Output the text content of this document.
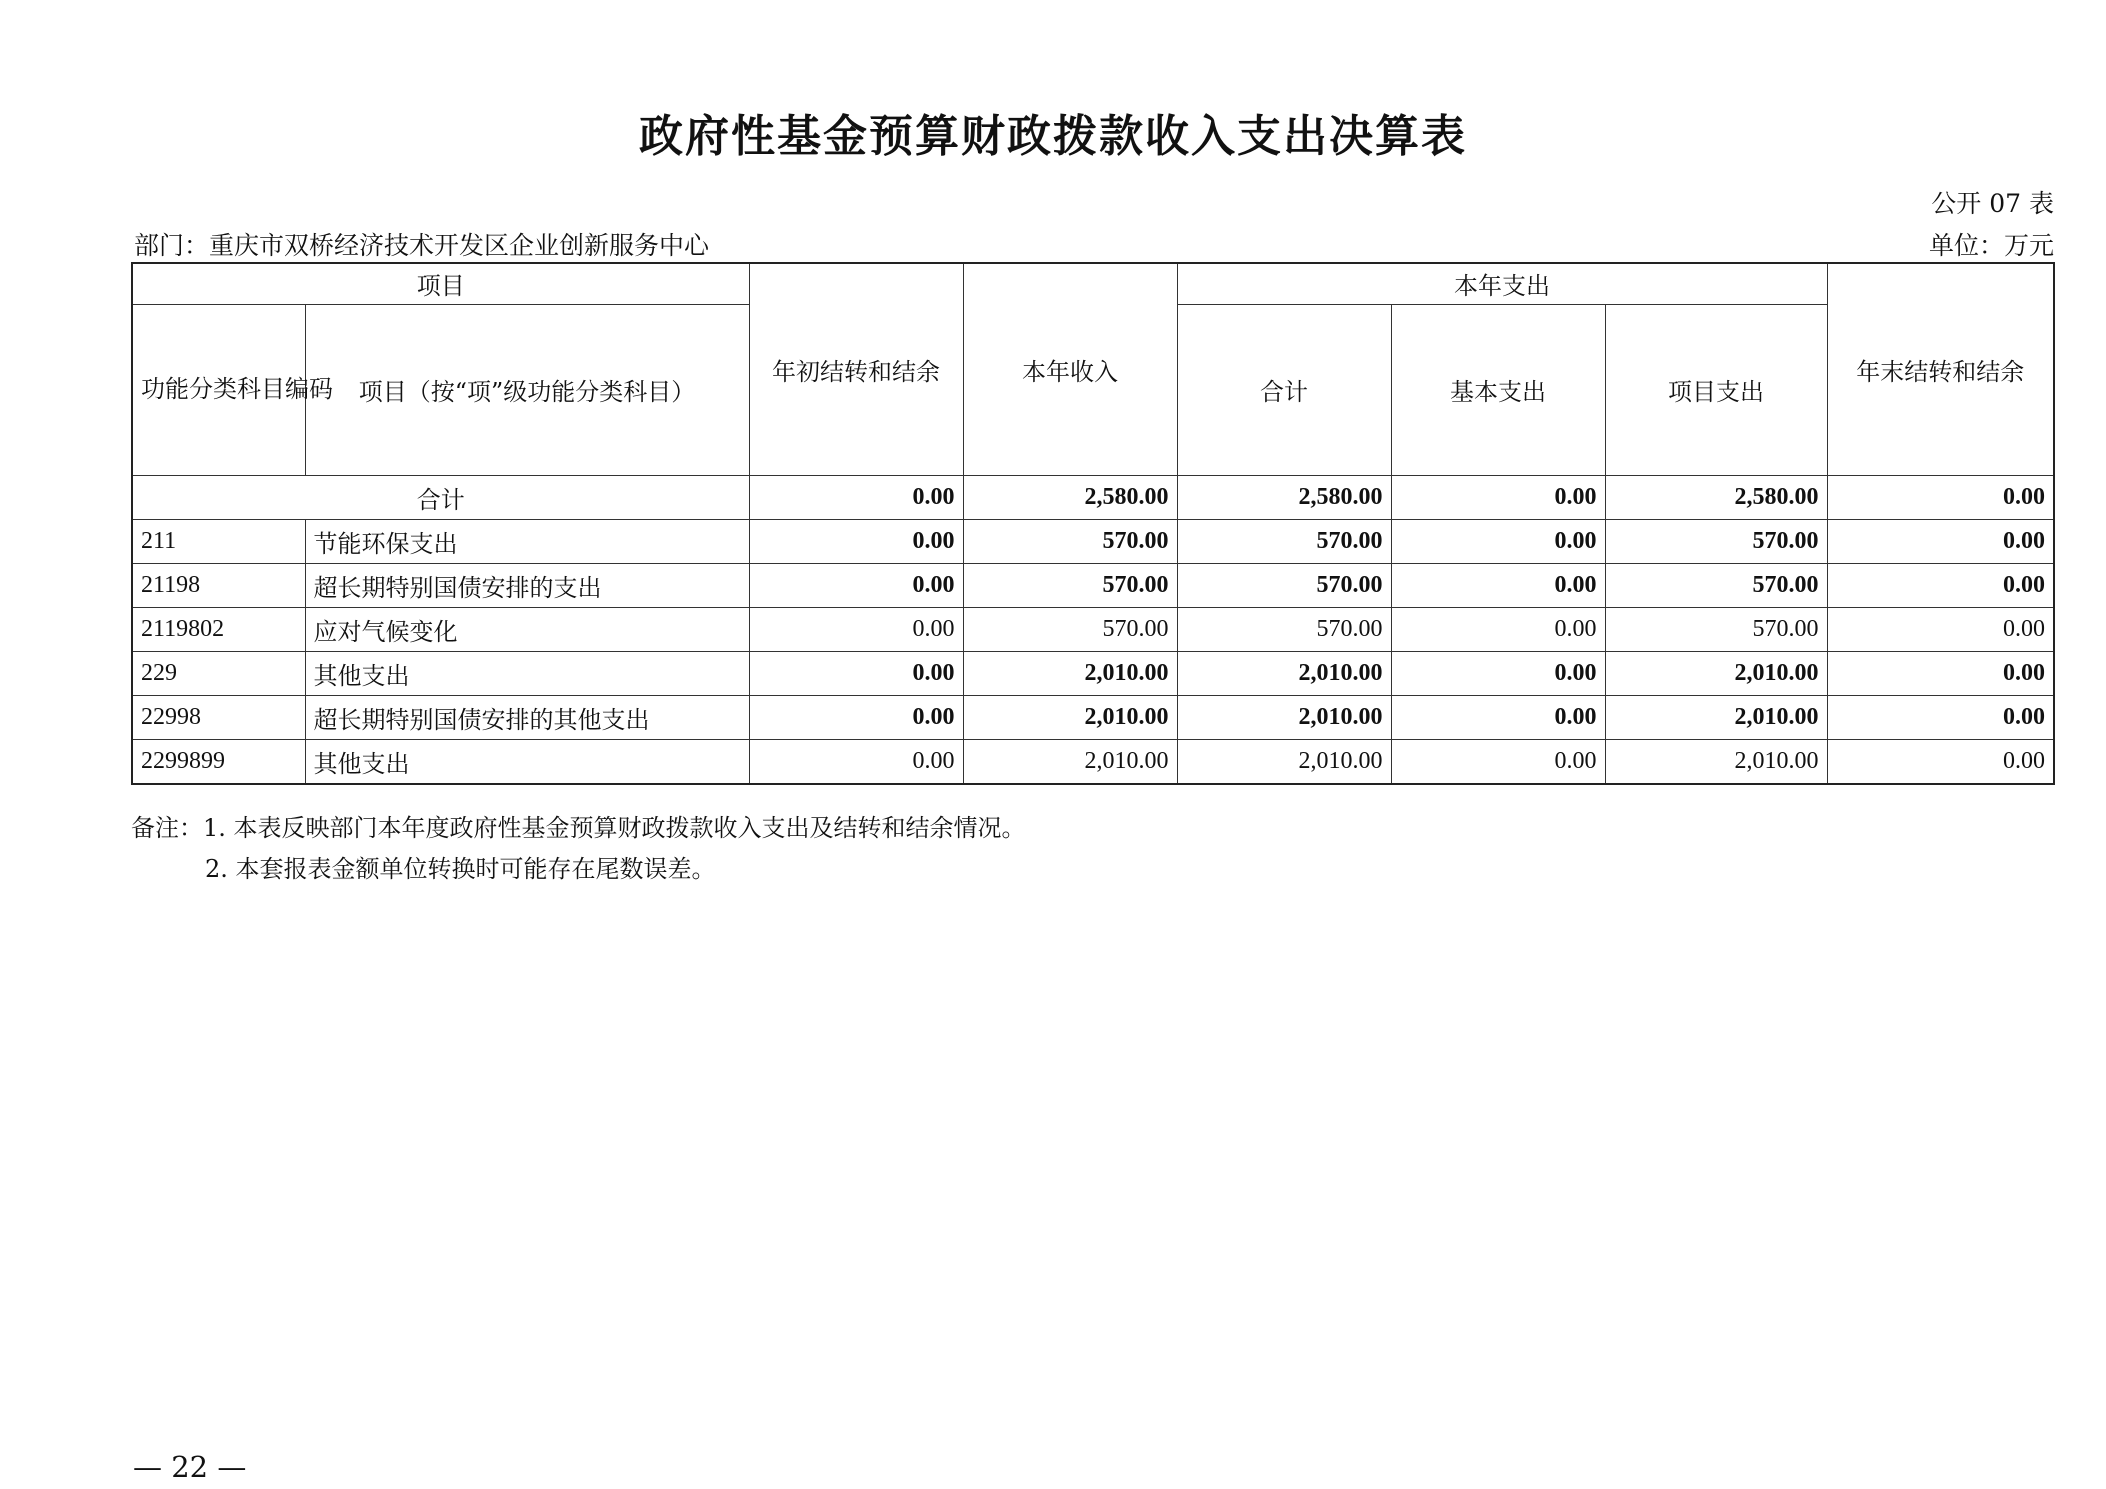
政府性基金预算财政拨款收入支出决算表
公开 07 表
部门：重庆市双桥经济技术开发区企业创新服务中心	单位：万元
项目		年初结转和结余	本年收入	本年支出			年末结转和结余
功能分类科目编码	项目（按“项”级功能分类科目）			合计	基本支出	项目支出	
合计		0.00	2,580.00	2,580.00	0.00	2,580.00	0.00
211	节能环保支出	0.00	570.00	570.00	0.00	570.00	0.00
21198	超长期特别国债安排的支出	0.00	570.00	570.00	0.00	570.00	0.00
2119802	应对气候变化	0.00	570.00	570.00	0.00	570.00	0.00
229	其他支出	0.00	2,010.00	2,010.00	0.00	2,010.00	0.00
22998	超长期特别国债安排的其他支出	0.00	2,010.00	2,010.00	0.00	2,010.00	0.00
2299899	其他支出	0.00	2,010.00	2,010.00	0.00	2,010.00	0.00
备注：1. 本表反映部门本年度政府性基金预算财政拨款收入支出及结转和结余情况。
2. 本套报表金额单位转换时可能存在尾数误差。
— 22 —
